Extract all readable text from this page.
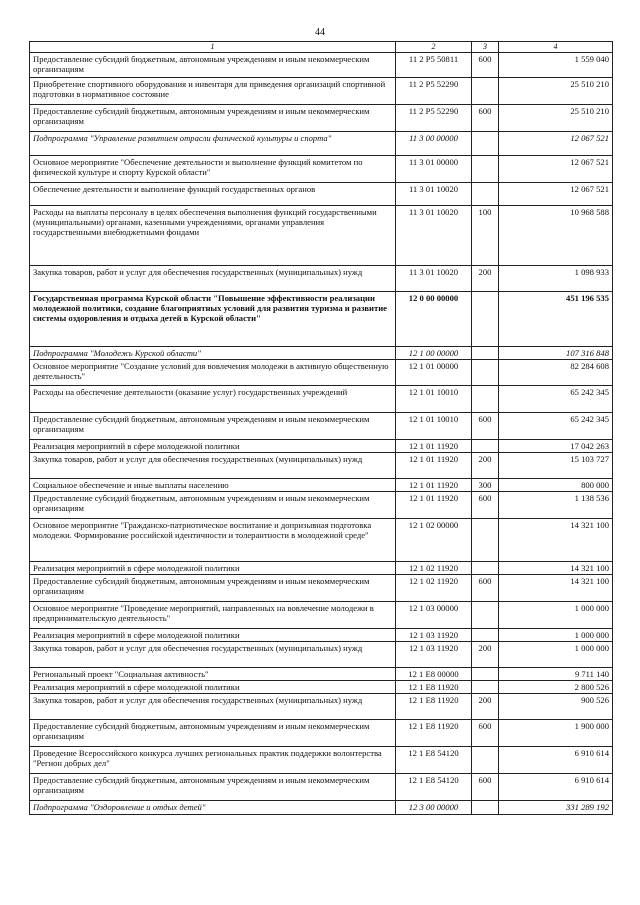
44
1	2	3	4
Предоставление субсидий бюджетным, автономным учреждениям и иным некоммерческим организациям	11 2 P5 50811	600	1 559 040
Приобретение спортивного оборудования и инвентаря для приведения организаций спортивной подготовки в нормативное состояние	11 2 P5 52290		25 510 210
Предоставление субсидий бюджетным, автономным учреждениям и иным некоммерческим организациям	11 2 P5 52290	600	25 510 210
Подпрограмма "Управление развитием отрасли физической культуры и спорта"	11 3 00 00000		12 067 521
Основное мероприятие "Обеспечение деятельности и выполнение функций комитетом по физической культуре и спорту Курской области"	11 3 01 00000		12 067 521
Обеспечение деятельности и выполнение функций государственных органов	11 3 01 10020		12 067 521
Расходы на выплаты персоналу в целях обеспечения выполнения функций государственными (муниципальными) органами, казенными учреждениями, органами управления государственными внебюджетными фондами	11 3 01 10020	100	10 968 588
Закупка товаров, работ и услуг для обеспечения государственных (муниципальных) нужд	11 3 01 10020	200	1 098 933
Государственная программа Курской области "Повышение эффективности реализации молодежной политики, создание благоприятных условий для развития туризма и развитие системы оздоровления и отдыха детей в Курской области"	12 0 00 00000		451 196 535
Подпрограмма "Молодежь Курской области"	12 1 00 00000		107 316 848
Основное мероприятие "Создание условий для вовлечения молодежи в активную общественную деятельность"	12 1 01 00000		82 284 608
Расходы на обеспечение деятельности (оказание услуг) государственных учреждений	12 1 01 10010		65 242 345
Предоставление субсидий бюджетным, автономным учреждениям и иным некоммерческим организациям	12 1 01 10010	600	65 242 345
Реализация мероприятий в сфере молодежной политики	12 1 01 11920		17 042 263
Закупка товаров, работ и услуг для обеспечения государственных (муниципальных) нужд	12 1 01 11920	200	15 103 727
Социальное обеспечение и иные выплаты населению	12 1 01 11920	300	800 000
Предоставление субсидий бюджетным, автономным учреждениям и иным некоммерческим организациям	12 1 01 11920	600	1 138 536
Основное мероприятие "Гражданско-патриотическое воспитание и допризывная подготовка молодежи. Формирование российской идентичности и толерантности в молодежной среде"	12 1 02 00000		14 321 100
Реализация мероприятий в сфере молодежной политики	12 1 02 11920		14 321 100
Предоставление субсидий бюджетным, автономным учреждениям и иным некоммерческим организациям	12 1 02 11920	600	14 321 100
Основное мероприятие "Проведение мероприятий, направленных на вовлечение молодежи в предпринимательскую деятельность"	12 1 03 00000		1 000 000
Реализация мероприятий в сфере молодежной политики	12 1 03 11920		1 000 000
Закупка товаров, работ и услуг для обеспечения государственных (муниципальных) нужд	12 1 03 11920	200	1 000 000
Региональный проект "Социальная активность"	12 1 E8 00000		9 711 140
Реализация мероприятий в сфере молодежной политики	12 1 E8 11920		2 800 526
Закупка товаров, работ и услуг для обеспечения государственных (муниципальных) нужд	12 1 E8 11920	200	900 526
Предоставление субсидий бюджетным, автономным учреждениям и иным некоммерческим организациям	12 1 E8 11920	600	1 900 000
Проведение Всероссийского конкурса лучших региональных практик поддержки волонтерства "Регион добрых дел"	12 1 E8 54120		6 910 614
Предоставление субсидий бюджетным, автономным учреждениям и иным некоммерческим организациям	12 1 E8 54120	600	6 910 614
Подпрограмма "Оздоровление и отдых детей"	12 3 00 00000		331 289 192
